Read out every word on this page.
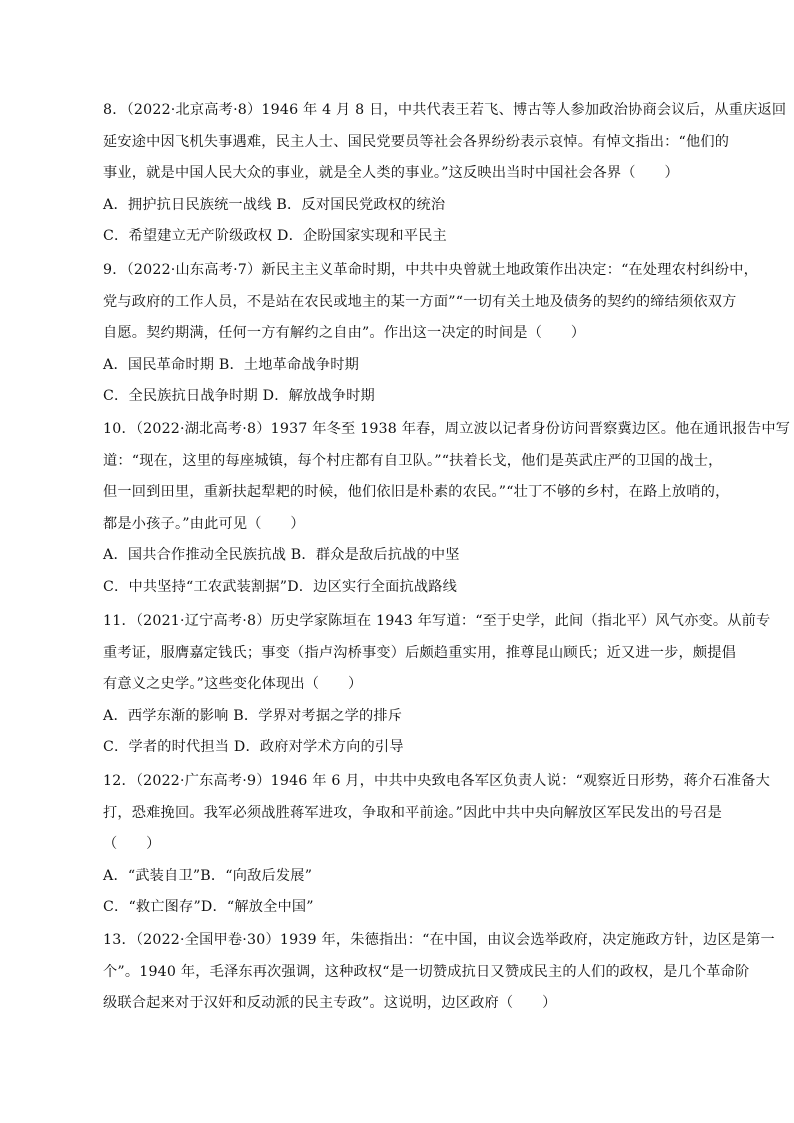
8．（2022·北京高考·8）1946 年 4 月 8 日，中共代表王若飞、博古等人参加政治协商会议后，从重庆返回
延安途中因飞机失事遇难，民主人士、国民党要员等社会各界纷纷表示哀悼。有悼文指出：“他们的
事业，就是中国人民大众的事业，就是全人类的事业。”这反映出当时中国社会各界（　　）
A．拥护抗日民族统一战线 B．反对国民党政权的统治
C．希望建立无产阶级政权 D．企盼国家实现和平民主
9．（2022·山东高考·7）新民主主义革命时期，中共中央曾就土地政策作出决定：“在处理农村纠纷中，
党与政府的工作人员，不是站在农民或地主的某一方面”“一切有关土地及债务的契约的缔结须依双方
自愿。契约期满，任何一方有解约之自由”。作出这一决定的时间是（　　）
A．国民革命时期 B．土地革命战争时期
C．全民族抗日战争时期 D．解放战争时期
10．（2022·湖北高考·8）1937 年冬至 1938 年春，周立波以记者身份访问晋察冀边区。他在通讯报告中写
道：“现在，这里的每座城镇，每个村庄都有自卫队。”“扶着长戈，他们是英武庄严的卫国的战士，
但一回到田里，重新扶起犁耙的时候，他们依旧是朴素的农民。”“壮丁不够的乡村，在路上放哨的，
都是小孩子。”由此可见（　　）
A．国共合作推动全民族抗战 B．群众是敌后抗战的中坚
C．中共坚持“工农武装割据”D．边区实行全面抗战路线
11．（2021·辽宁高考·8）历史学家陈垣在 1943 年写道：“至于史学，此间（指北平）风气亦变。从前专
重考证，服膺嘉定钱氏；事变（指卢沟桥事变）后颇趋重实用，推尊昆山顾氏；近又进一步，颇提倡
有意义之史学。”这些变化体现出（　　）
A．西学东渐的影响 B．学界对考据之学的排斥
C．学者的时代担当 D．政府对学术方向的引导
12．（2022·广东高考·9）1946 年 6 月，中共中央致电各军区负责人说：“观察近日形势，蒋介石准备大
打，恐难挽回。我军必须战胜蒋军进攻，争取和平前途。”因此中共中央向解放区军民发出的号召是
（　　）
A．“武装自卫”B．“向敌后发展”
C．“救亡图存”D．“解放全中国”
13．（2022·全国甲卷·30）1939 年，朱德指出：“在中国，由议会选举政府，决定施政方针，边区是第一
个”。1940 年，毛泽东再次强调，这种政权“是一切赞成抗日又赞成民主的人们的政权，是几个革命阶
级联合起来对于汉奸和反动派的民主专政”。这说明，边区政府（　　）
